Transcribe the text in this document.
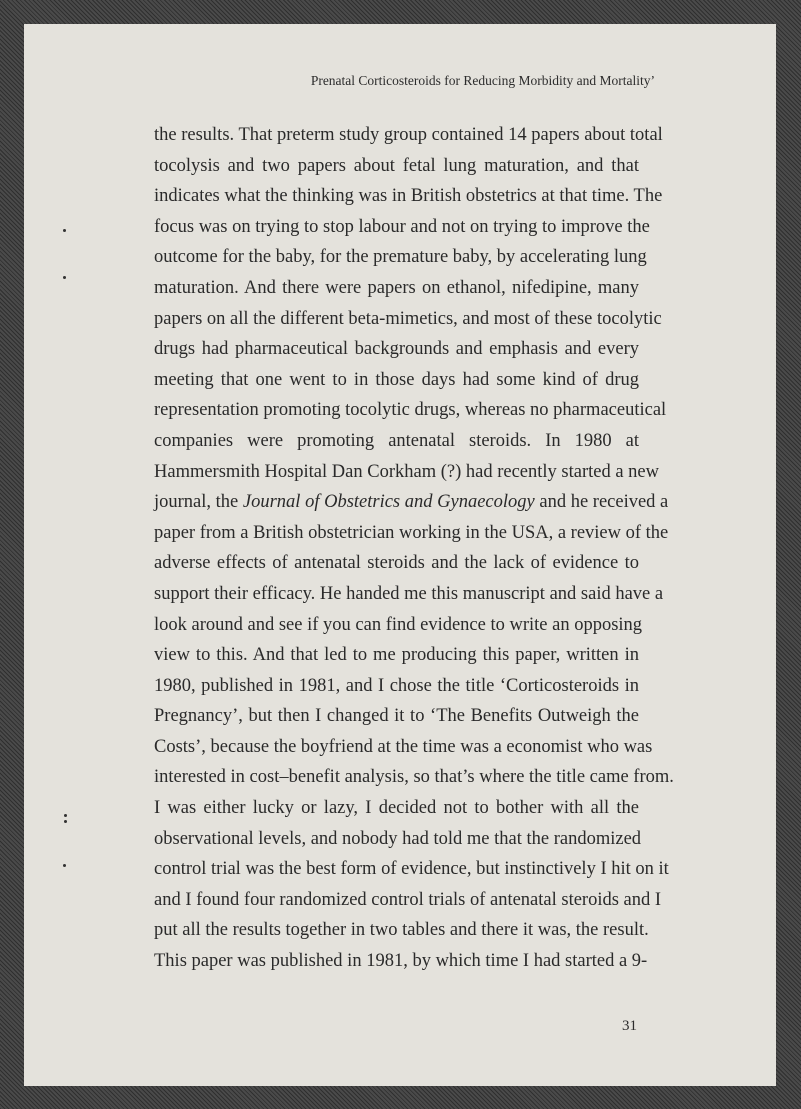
Prenatal Corticosteroids for Reducing Morbidity and Mortality’

the results. That preterm study group contained 14 papers about total
tocolysis and two papers about fetal lung maturation, and that
indicates what the thinking was in British obstetrics at that time. The
focus was on trying to stop labour and not on trying to improve the
outcome for the baby, for the premature baby, by accelerating lung
maturation. And there were papers on ethanol, nifedipine, many
papers on all the different beta-mimetics, and most of these tocolytic
drugs had pharmaceutical backgrounds and emphasis and every
meeting that one went to in those days had some kind of drug
representation promoting tocolytic drugs, whereas no pharmaceutical
companies were promoting antenatal steroids. In 1980 at
Hammersmith Hospital Dan Corkham (?) had recently started a new
journal, the Journal of Obstetrics and Gynaecology and he received a
paper from a British obstetrician working in the USA, a review of the
adverse effects of antenatal steroids and the lack of evidence to
support their efficacy. He handed me this manuscript and said have a
look around and see if you can find evidence to write an opposing
view to this. And that led to me producing this paper, written in
1980, published in 1981, and I chose the title ‘Corticosteroids in
Pregnancy’, but then I changed it to ‘The Benefits Outweigh the
Costs’, because the boyfriend at the time was a economist who was
interested in cost–benefit analysis, so that’s where the title came from.
I was either lucky or lazy, I decided not to bother with all the
observational levels, and nobody had told me that the randomized
control trial was the best form of evidence, but instinctively I hit on it
and I found four randomized control trials of antenatal steroids and I
put all the results together in two tables and there it was, the result.
This paper was published in 1981, by which time I had started a 9-

31
